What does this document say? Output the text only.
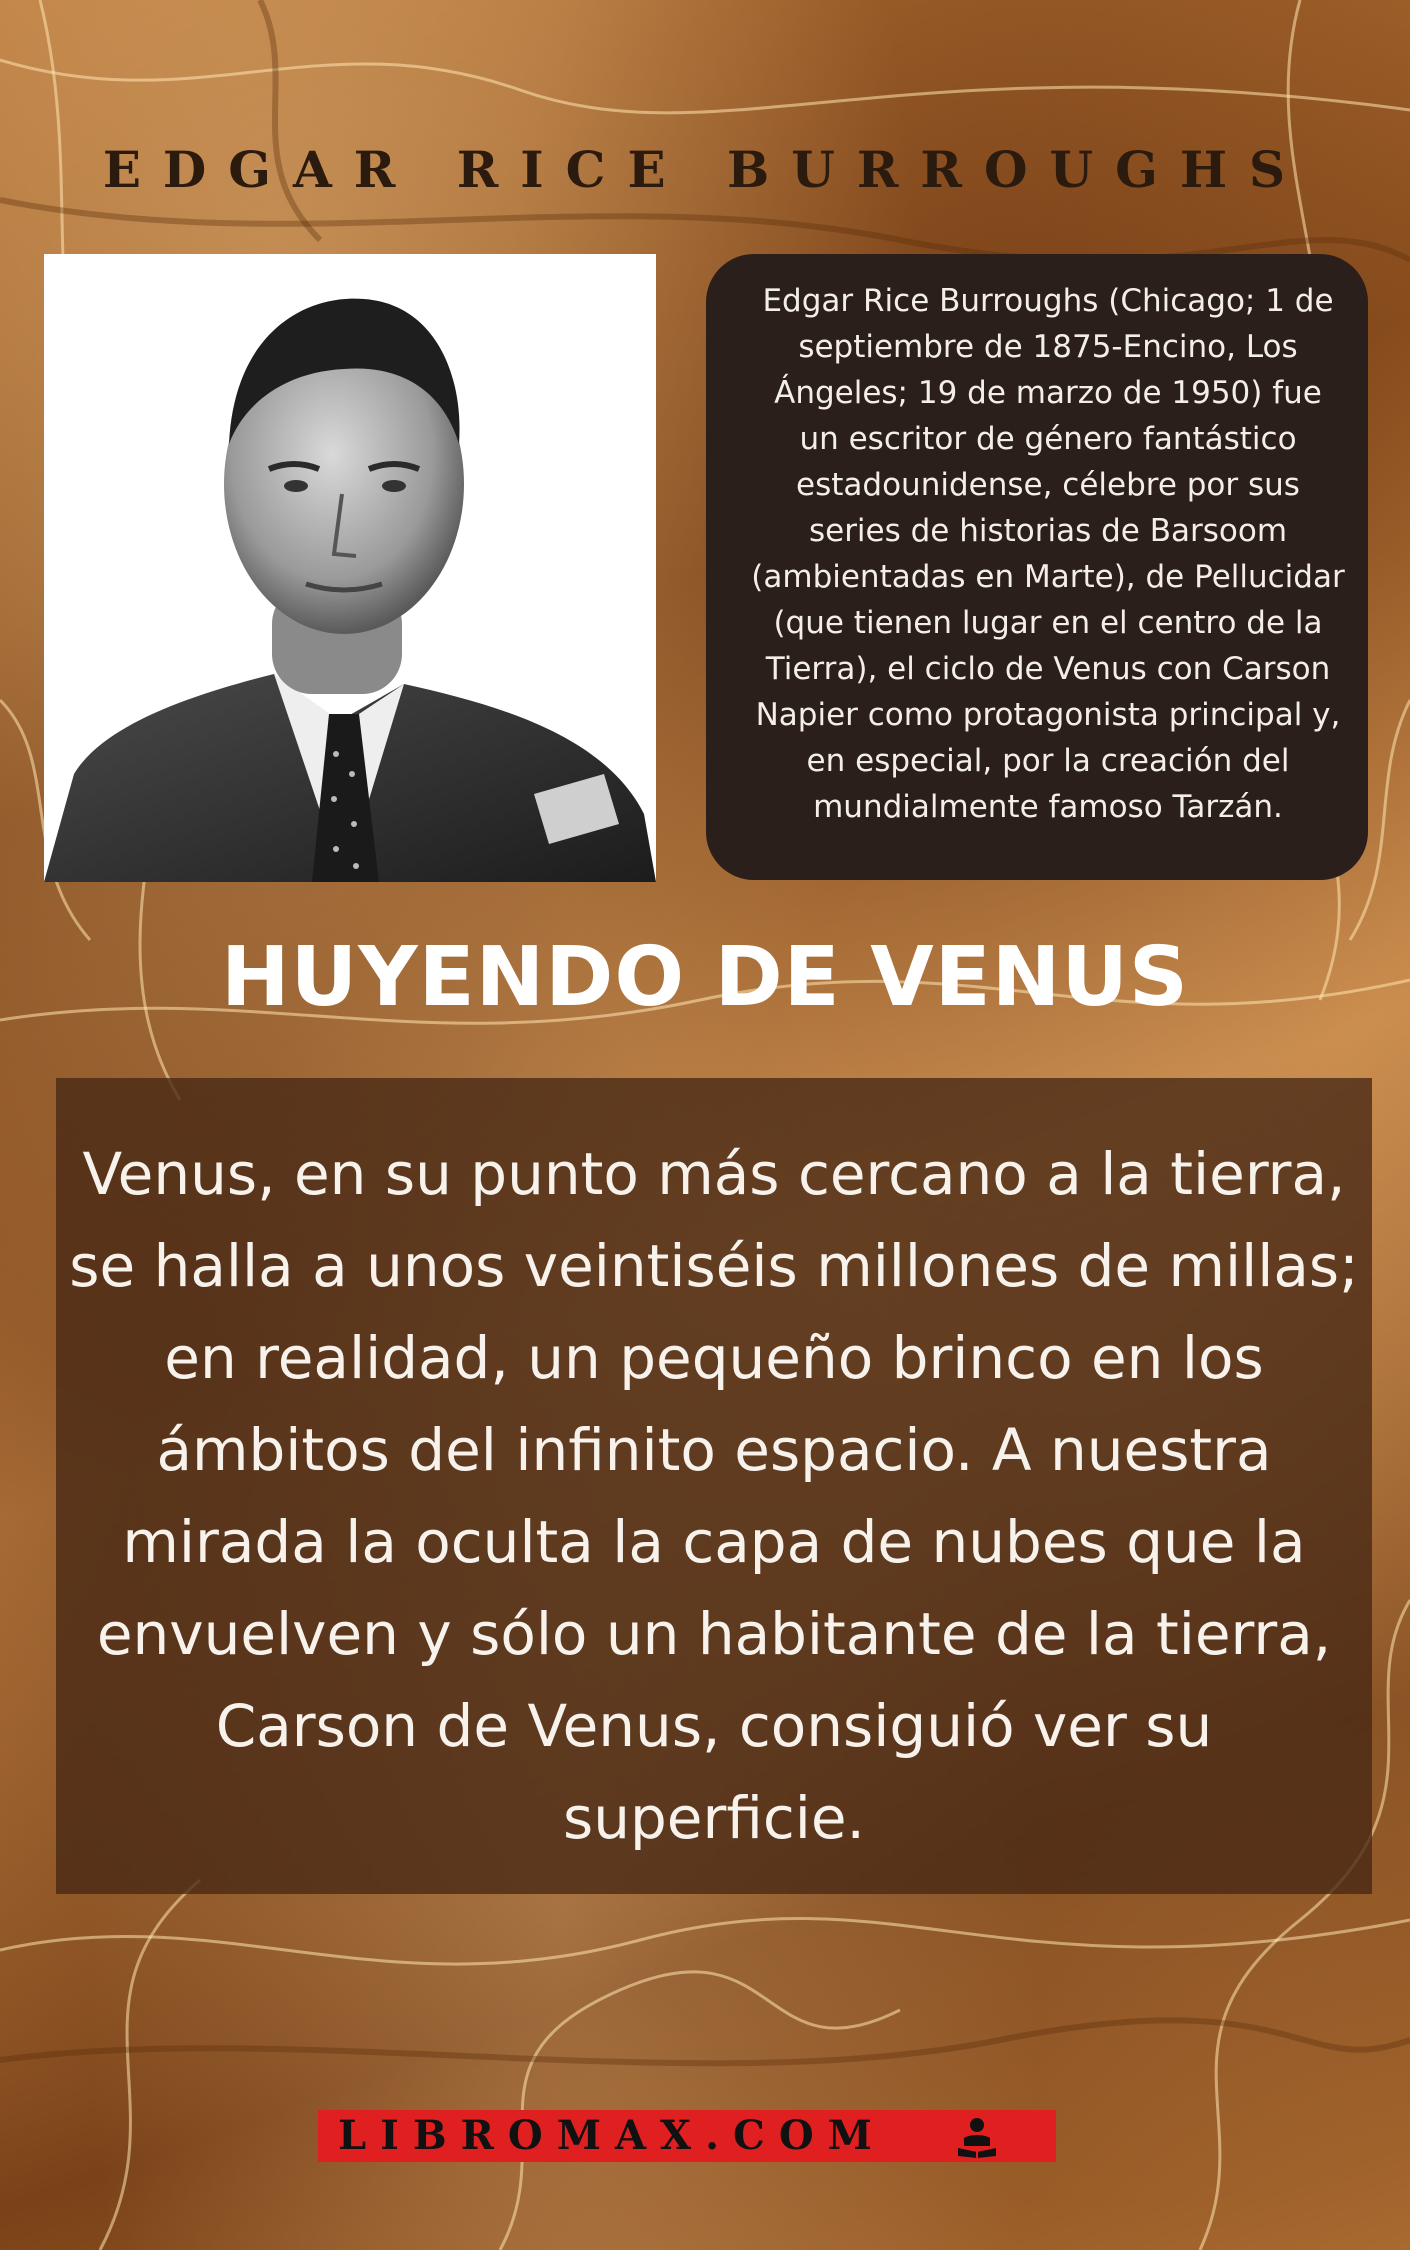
EDGAR RICE BURROUGHS

Edgar Rice Burroughs (Chicago; 1 de septiembre de 1875-Encino, Los Ángeles; 19 de marzo de 1950) fue un escritor de género fantástico estadounidense, célebre por sus series de historias de Barsoom (ambientadas en Marte), de Pellucidar (que tienen lugar en el centro de la Tierra), el ciclo de Venus con Carson Napier como protagonista principal y, en especial, por la creación del mundialmente famoso Tarzán.

HUYENDO DE VENUS

Venus, en su punto más cercano a la tierra, se halla a unos veintiséis millones de millas; en realidad, un pequeño brinco en los ámbitos del infinito espacio. A nuestra mirada la oculta la capa de nubes que la envuelven y sólo un habitante de la tierra, Carson de Venus, consiguió ver su superficie.

LIBROMAX.COM
